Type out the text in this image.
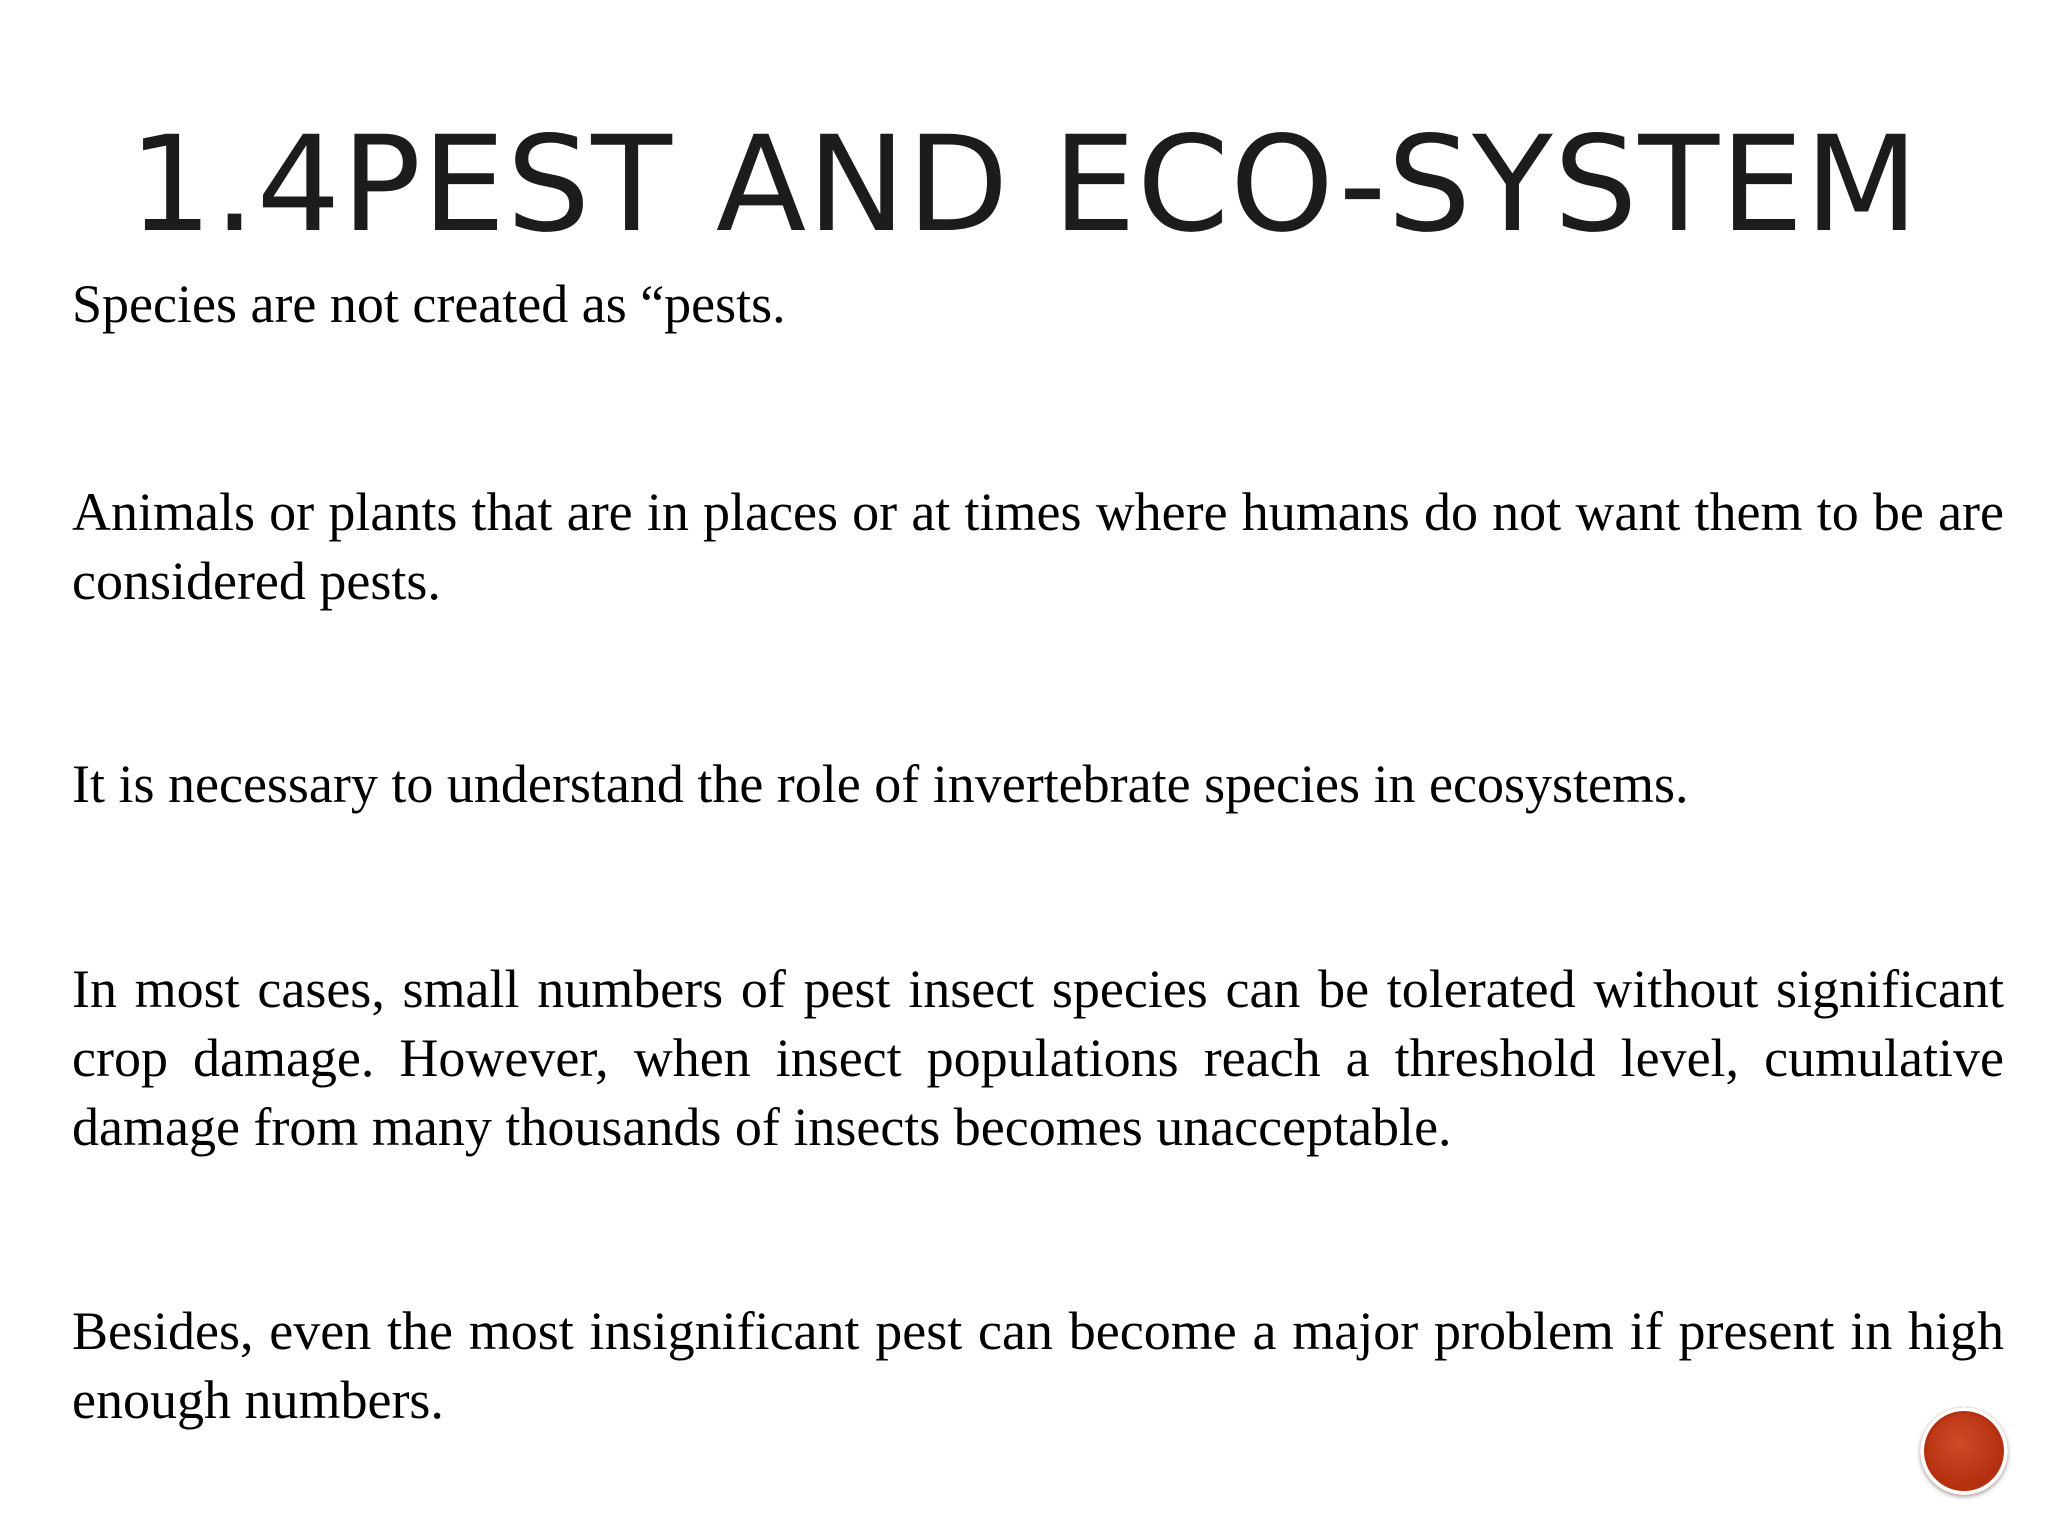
1.4PEST AND ECO-SYSTEM

Species are not created as “pests.

Animals or plants that are in places or at times where humans do not want them to be are considered pests.

It is necessary to understand the role of invertebrate species in ecosystems.

In most cases, small numbers of pest insect species can be tolerated without significant crop damage. However, when insect populations reach a threshold level, cumulative damage from many thousands of insects becomes unacceptable.

Besides, even the most insignificant pest can become a major problem if present in high enough numbers.
